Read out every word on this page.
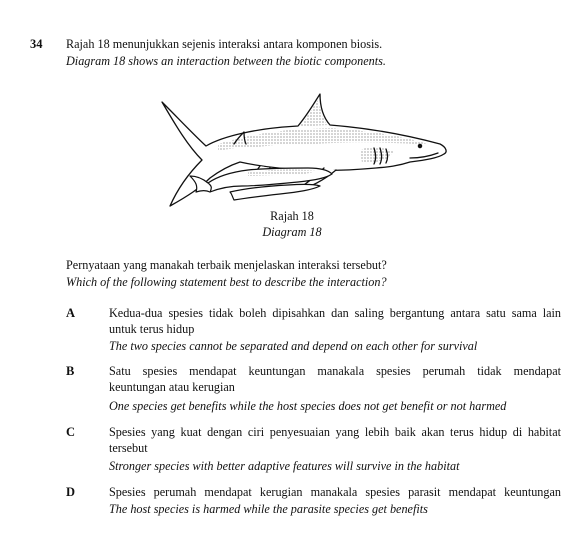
34 Rajah 18 menunjukkan sejenis interaksi antara komponen biosis.
Diagram 18 shows an interaction between the biotic components.
Rajah 18
Diagram 18
Pernyataan yang manakah terbaik menjelaskan interaksi tersebut?
Which of the following statement best to describe the interaction?
A	Kedua-dua spesies tidak boleh dipisahkan dan saling bergantung antara satu sama lain
untuk terus hidup
The two species cannot be separated and depend on each other for survival
B	Satu spesies mendapat keuntungan manakala spesies perumah tidak mendapat
keuntungan atau kerugian
One species get benefits while the host species does not get benefit or not harmed
C	Spesies yang kuat dengan ciri penyesuaian yang lebih baik akan terus hidup di habitat
tersebut
Stronger species with better adaptive features will survive in the habitat
D	Spesies perumah mendapat kerugian manakala spesies parasit mendapat keuntungan
The host species is harmed while the parasite species get benefits
